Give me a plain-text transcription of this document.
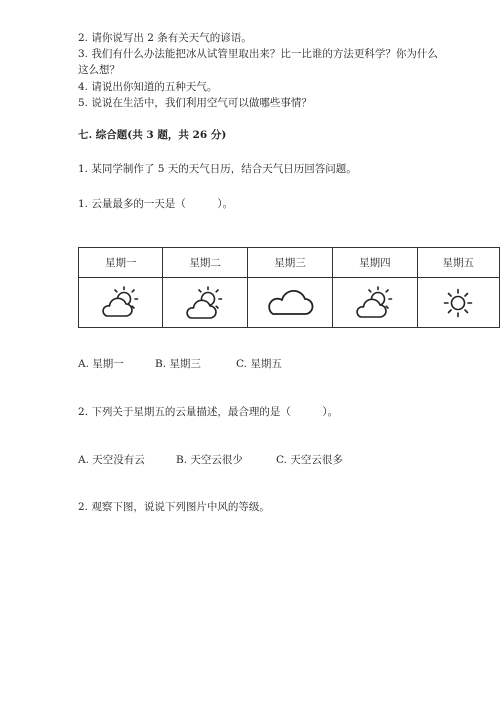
2. 请你说写出 2 条有关天气的谚语。
3. 我们有什么办法能把冰从试管里取出来？比一比谁的方法更科学？你为什么
这么想？
4. 请说出你知道的五种天气。
5. 说说在生活中，我们利用空气可以做哪些事情？
七. 综合题(共 3 题，共 26 分)
1. 某同学制作了 5 天的天气日历，结合天气日历回答问题。
1. 云量最多的一天是（　　　）。
星期一	星期二	星期三	星期四	星期五

A. 星期一	B. 星期三	C. 星期五
2. 下列关于星期五的云量描述，最合理的是（　　　）。
A. 天空没有云	B. 天空云很少	C. 天空云很多
2. 观察下图，说说下列图片中风的等级。
